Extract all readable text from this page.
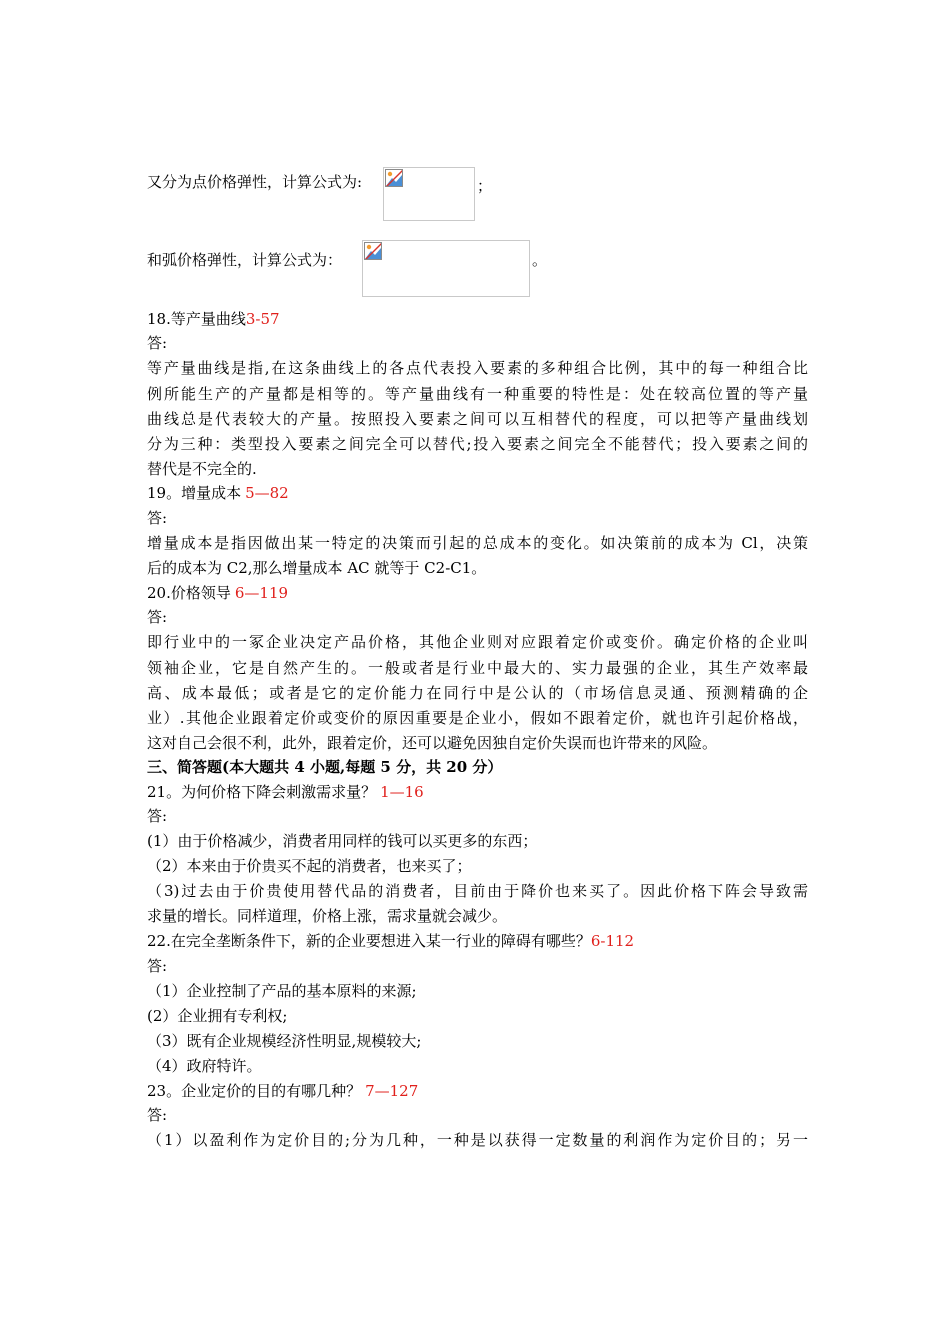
又分为点价格弹性，计算公式为:	；
和弧价格弹性，计算公式为：	。
18.等产量曲线3-57
答:
等产量曲线是指,在这条曲线上的各点代表投入要素的多种组合比例，其中的每一种组合比
例所能生产的产量都是相等的。等产量曲线有一种重要的特性是：处在较高位置的等产量
曲线总是代表较大的产量。按照投入要素之间可以互相替代的程度，可以把等产量曲线划
分为三种：类型投入要素之间完全可以替代;投入要素之间完全不能替代；投入要素之间的
替代是不完全的.
19。增量成本 5—82
答:
增量成本是指因做出某一特定的决策而引起的总成本的变化。如决策前的成本为 Cl，决策
后的成本为 C2,那么增量成本 AC 就等于 C2-C1。
20.价格领导 6—119
答:
即行业中的一冢企业决定产品价格，其他企业则对应跟着定价或变价。确定价格的企业叫
领袖企业，它是自然产生的。一般或者是行业中最大的、实力最强的企业，其生产效率最
高、成本最低；或者是它的定价能力在同行中是公认的（市场信息灵通、预测精确的企
业）.其他企业跟着定价或变价的原因重要是企业小，假如不跟着定价，就也许引起价格战，
这对自己会很不利，此外，跟着定价，还可以避免因独自定价失误而也许带来的风险。
三、简答题(本大题共 4 小题,每题 5 分，共 20 分）
21。为何价格下降会刺激需求量？ 1—16
答:
(1）由于价格减少，消费者用同样的钱可以买更多的东西；
（2）本来由于价贵买不起的消费者，也来买了；
（3)过去由于价贵使用替代品的消费者，目前由于降价也来买了。因此价格下阵会导致需
求量的增长。同样道理，价格上涨，需求量就会减少。
22.在完全垄断条件下，新的企业要想进入某一行业的障碍有哪些？6-112
答:
（1）企业控制了产品的基本原料的来源;
(2）企业拥有专利权;
（3）既有企业规模经济性明显,规模较大;
（4）政府特许。
23。企业定价的目的有哪几种？ 7—127
答:
（1）以盈利作为定价目的;分为几种，一种是以获得一定数量的利润作为定价目的；另一
